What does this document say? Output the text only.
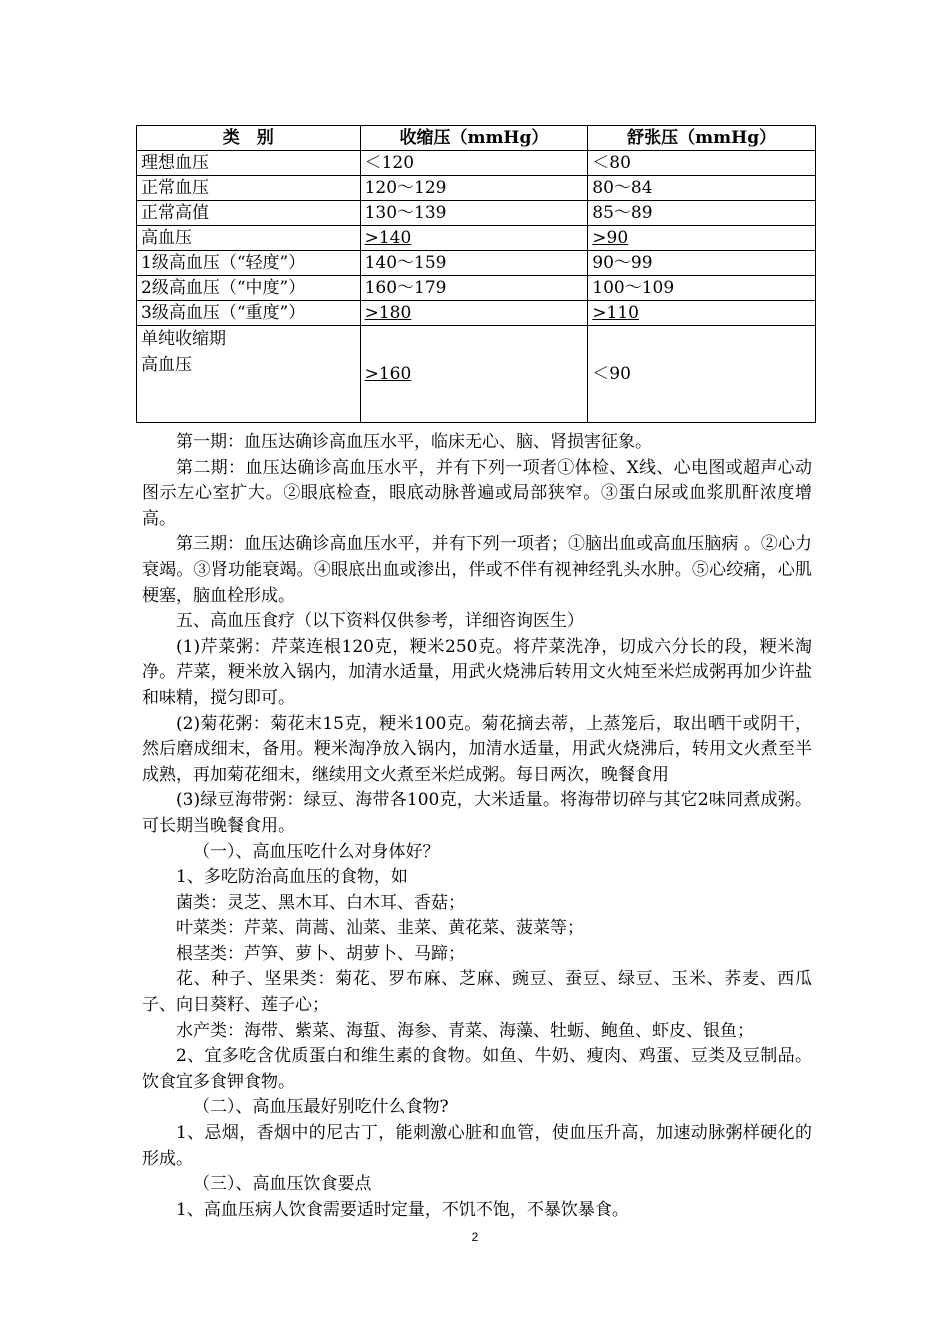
类　别	收缩压（mmHg）	舒张压（mmHg）
理想血压	＜120	＜80
正常血压	120～129	80～84
正常高值	130～139	85～89
高血压	>140	>90
1级高血压（“轻度”）	140～159	90～99
2级高血压（“中度”）	160～179	100～109
3级高血压（“重度”）	>180	>110

单纯收缩期
高血压	>160	＜90

第一期：血压达确诊高血压水平，临床无心、脑、肾损害征象。

第二期：血压达确诊高血压水平，并有下列一项者①体检、X线、心电图或超声心动图示左心室扩大。②眼底检查，眼底动脉普遍或局部狭窄。③蛋白尿或血浆肌酐浓度增高。

第三期：血压达确诊高血压水平，并有下列一项者；①脑出血或高血压脑病 。②心力衰竭。③肾功能衰竭。④眼底出血或渗出，伴或不伴有视神经乳头水肿。⑤心绞痛，心肌梗塞，脑血栓形成。

五、高血压食疗（以下资料仅供参考，详细咨询医生）

(1)芹菜粥：芹菜连根120克，粳米250克。将芹菜洗净，切成六分长的段，粳米淘净。芹菜，粳米放入锅内，加清水适量，用武火烧沸后转用文火炖至米烂成粥再加少许盐和味精，搅匀即可。

(2)菊花粥：菊花末15克，粳米100克。菊花摘去蒂，上蒸笼后，取出晒干或阴干，然后磨成细末，备用。粳米淘净放入锅内，加清水适量，用武火烧沸后，转用文火煮至半成熟，再加菊花细末，继续用文火煮至米烂成粥。每日两次，晚餐食用

(3)绿豆海带粥：绿豆、海带各100克，大米适量。将海带切碎与其它2味同煮成粥。可长期当晚餐食用。

（一）、高血压吃什么对身体好？

1、多吃防治高血压的食物，如

菌类：灵芝、黑木耳、白木耳、香菇；

叶菜类：芹菜、茼蒿、汕菜、韭菜、黄花菜、菠菜等；

根茎类：芦笋、萝卜、胡萝卜、马蹄；

花、种子、坚果类：菊花、罗布麻、芝麻、豌豆、蚕豆、绿豆、玉米、荞麦、西瓜子、向日葵籽、莲子心；

水产类：海带、紫菜、海蜇、海参、青菜、海藻、牡蛎、鲍鱼、虾皮、银鱼；

2、宜多吃含优质蛋白和维生素的食物。如鱼、牛奶、瘦肉、鸡蛋、豆类及豆制品。饮食宜多食钾食物。

（二）、高血压最好别吃什么食物?

1、忌烟，香烟中的尼古丁，能刺激心脏和血管，使血压升高，加速动脉粥样硬化的形成。

（三）、高血压饮食要点

1、高血压病人饮食需要适时定量，不饥不饱，不暴饮暴食。

2
